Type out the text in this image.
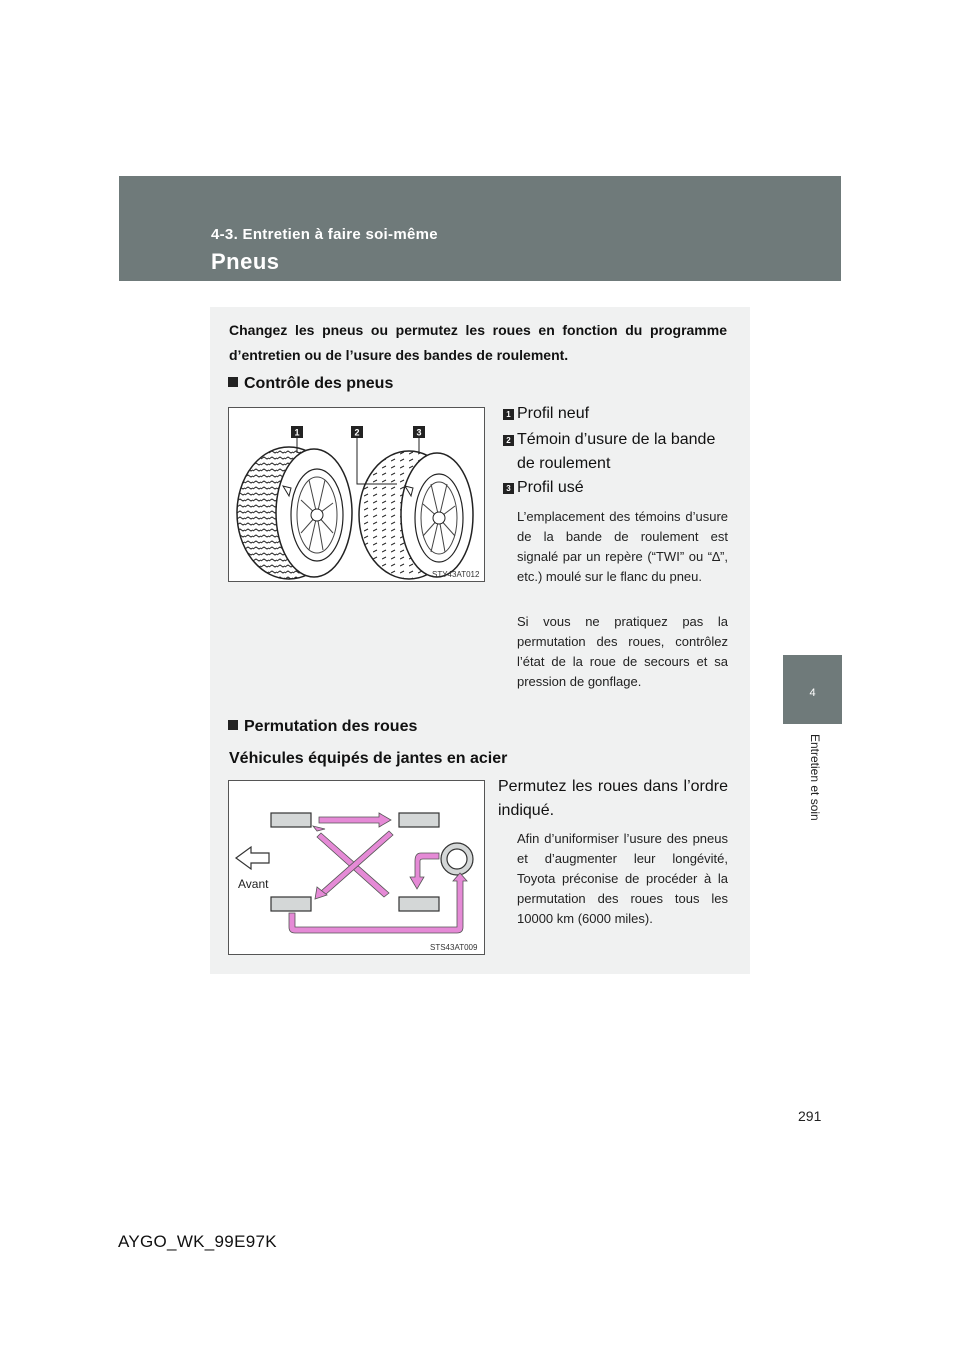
4-3. Entretien à faire soi-même
Pneus
4
Entretien et soin
Changez les pneus ou permutez les roues en fonction du programme d’entretien ou de l’usure des bandes de roulement.
Contrôle des pneus
1	2	3
STY43AT012
1 Profil neuf
2 Témoin d’usure de la bande de roulement
3 Profil usé
L’emplacement des témoins d’usure de la bande de roulement est signalé par un repère (“TWI” ou “∆”, etc.) moulé sur le flanc du pneu.
Si vous ne pratiquez pas la permutation des roues, contrôlez l’état de la roue de secours et sa pression de gonflage.
Permutation des roues
Véhicules équipés de jantes en acier
Avant
STS43AT009
Permutez les roues dans l’ordre indiqué.
Afin d’uniformiser l’usure des pneus et d’augmenter leur longévité, Toyota préconise de procéder à la permutation des roues tous les 10000 km (6000 miles).
291
AYGO_WK_99E97K
